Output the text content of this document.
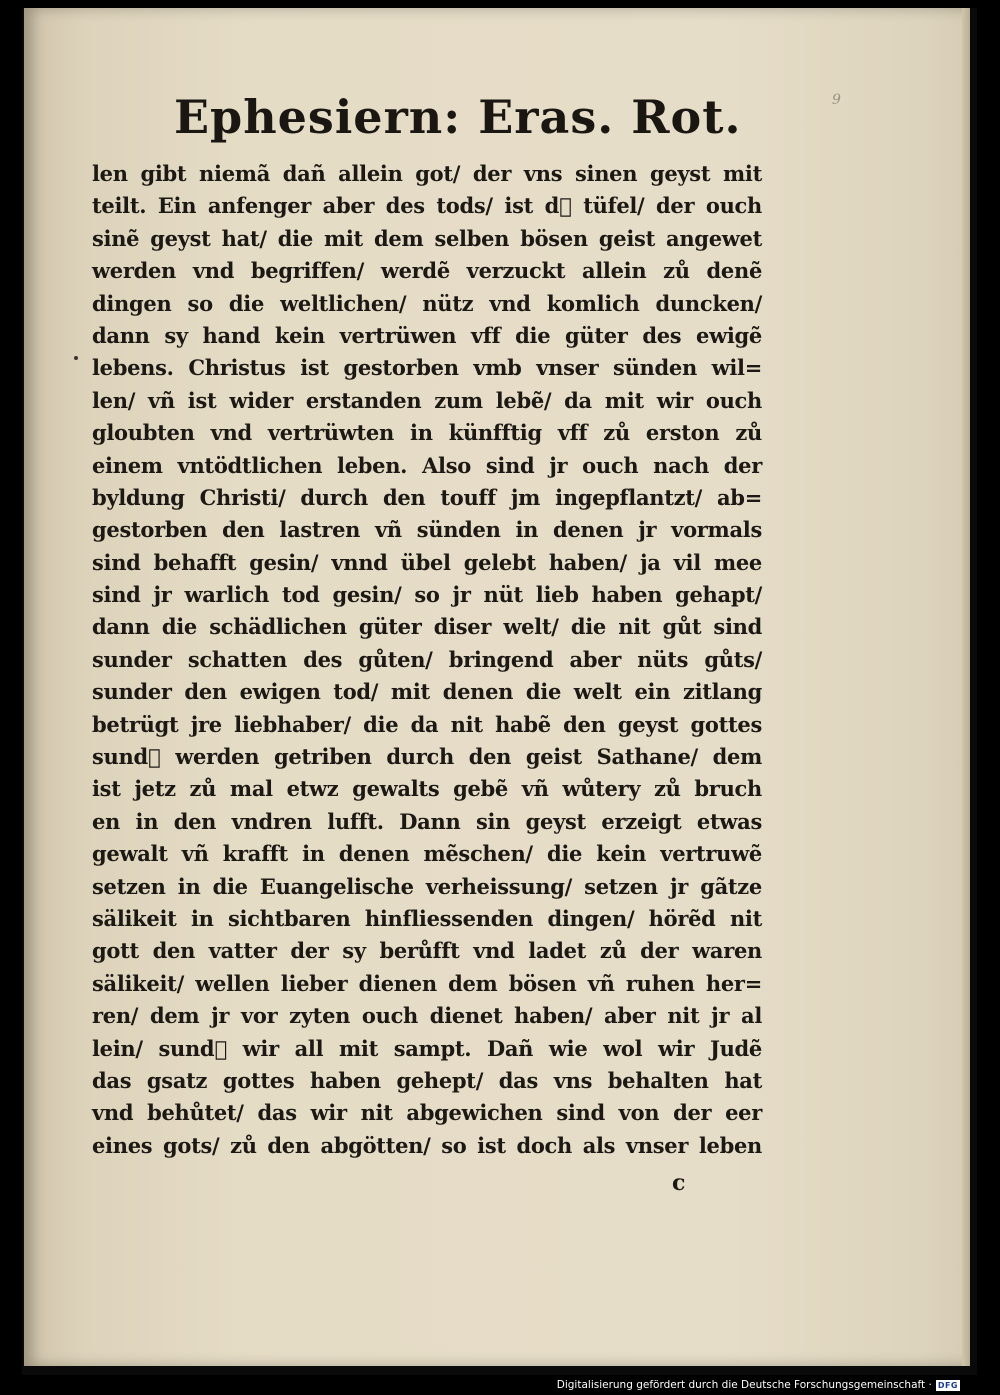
9
Ephesiern: Eras. Rot.
len gibt niemã dañ allein got/ der vns sinen geyst mit
teilt. Ein anfenger aber des tods/ ist dᷓ tüfel/ der ouch
sinẽ geyst hat/ die mit dem selben bösen geist angewet
werden vnd begriffen/ werdẽ verzuckt allein zů denẽ
dingen so die weltlichen/ nütz vnd komlich duncken/
dann sy hand kein vertrüwen vff die güter des ewigẽ
lebens. Christus ist gestorben vmb vnser sünden wil=
len/ vñ ist wider erstanden zum lebẽ/ da mit wir ouch
gloubten vnd vertrüwten in künfftig vff zů erston zů
einem vntödtlichen leben. Also sind jr ouch nach der
byldung Christi/ durch den touff jm ingepflantzt/ ab=
gestorben den lastren vñ sünden in denen jr vormals
sind behafft gesin/ vnnd übel gelebt haben/ ja vil mee
sind jr warlich tod gesin/ so jr nüt lieb haben gehapt/
dann die schädlichen güter diser welt/ die nit gůt sind
sunder schatten des gůten/ bringend aber nüts gůts/
sunder den ewigen tod/ mit denen die welt ein zitlang
betrügt jre liebhaber/ die da nit habẽ den geyst gottes
sundᷓ werden getriben durch den geist Sathane/ dem
ist jetz zů mal etwz gewalts gebẽ vñ wůtery zů bruch
en in den vndren lufft. Dann sin geyst erzeigt etwas
gewalt vñ krafft in denen mẽschen/ die kein vertruwẽ
setzen in die Euangelische verheissung/ setzen jr gãtze
sälikeit in sichtbaren hinfliessenden dingen/ hörẽd nit
gott den vatter der sy berůfft vnd ladet zů der waren
sälikeit/ wellen lieber dienen dem bösen vñ ruhen her=
ren/ dem jr vor zyten ouch dienet haben/ aber nit jr al
lein/ sundᷓ wir all mit sampt. Dañ wie wol wir Judẽ
das gsatz gottes haben gehept/ das vns behalten hat
vnd behůtet/ das wir nit abgewichen sind von der eer
eines gots/ zů den abgötten/ so ist doch als vnser leben
c
Digitalisierung gefördert durch die Deutsche Forschungsgemeinschaft · DFG
